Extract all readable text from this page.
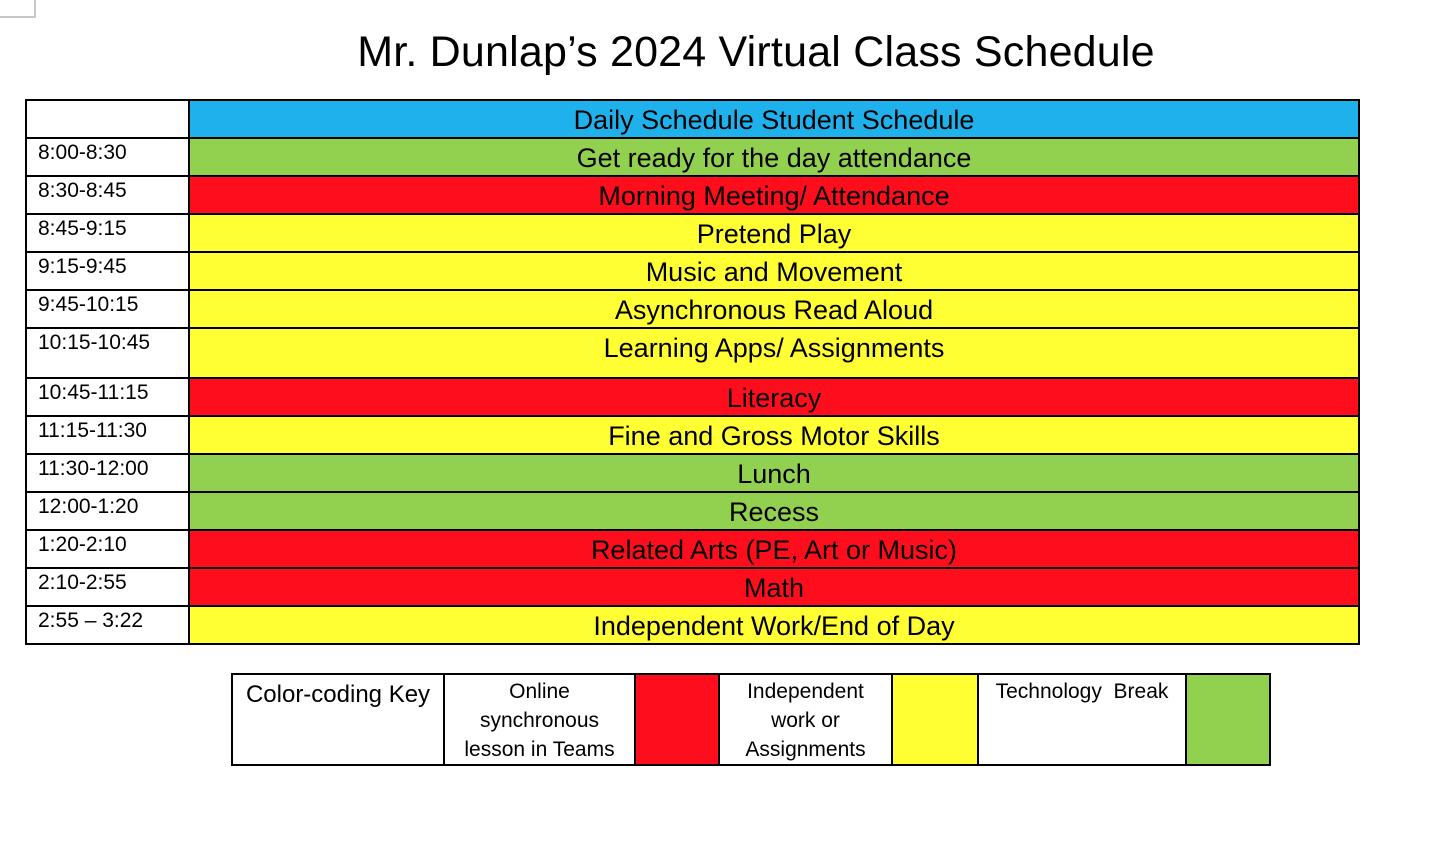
Mr. Dunlap’s 2024 Virtual Class Schedule
	Daily Schedule Student Schedule
8:00-8:30	Get ready for the day attendance
8:30-8:45	Morning Meeting/ Attendance
8:45-9:15	Pretend Play
9:15-9:45	Music and Movement
9:45-10:15	Asynchronous Read Aloud
10:15-10:45	Learning Apps/ Assignments
10:45-11:15	Literacy
11:15-11:30	Fine and Gross Motor Skills
11:30-12:00	Lunch
12:00-1:20	Recess
1:20-2:10	Related Arts (PE, Art or Music)
2:10-2:55	Math
2:55 – 3:22	Independent Work/End of Day
Color-coding Key	Online synchronous lesson in Teams		Independent work or Assignments		Technology  Break	
